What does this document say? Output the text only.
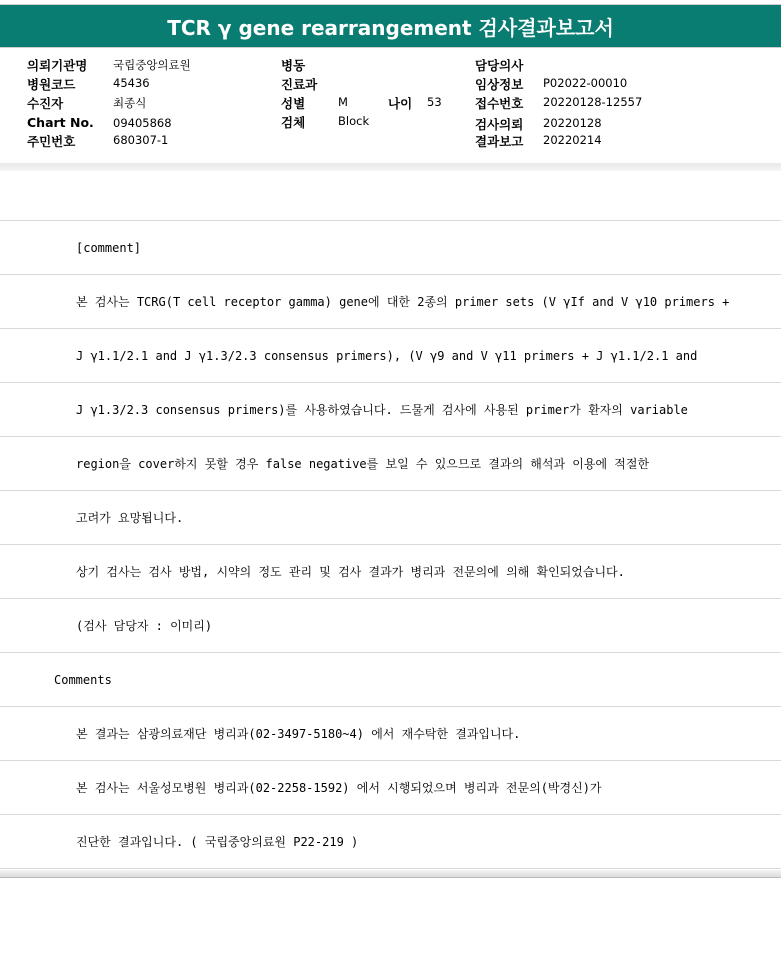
TCR γ gene rearrangement 검사결과보고서
의뢰기관명 국립중앙의료원
병원코드	45436
수진자	최종식
Chart No. 09405868
주민번호	680307-1
병동
진료과
성별	M
검체	Block
나이 53
담당의사
임상정보 P02022-00010
접수번호 20220128-12557
검사의뢰 20220128
결과보고 20220214
[comment]
본 검사는 TCRG(T cell receptor gamma) gene에 대한 2종의 primer sets (V γIf and V γ10 primers +
J γ1.1/2.1 and J γ1.3/2.3 consensus primers), (V γ9 and V γ11 primers + J γ1.1/2.1 and
J γ1.3/2.3 consensus primers)를 사용하였습니다. 드물게 검사에 사용된 primer가 환자의 variable
region을 cover하지 못할 경우 false negative를 보일 수 있으므로 결과의 해석과 이용에 적절한
고려가 요망됩니다.
상기 검사는 검사 방법, 시약의 정도 관리 및 검사 결과가 병리과 전문의에 의해 확인되었습니다.
(검사 담당자 : 이미리)
Comments
본 결과는 삼광의료재단 병리과(02-3497-5180~4) 에서 재수탁한 결과입니다.
본 검사는 서울성모병원 병리과(02-2258-1592) 에서 시행되었으며 병리과 전문의(박경신)가
진단한 결과입니다. ( 국립중앙의료원 P22-219 )
